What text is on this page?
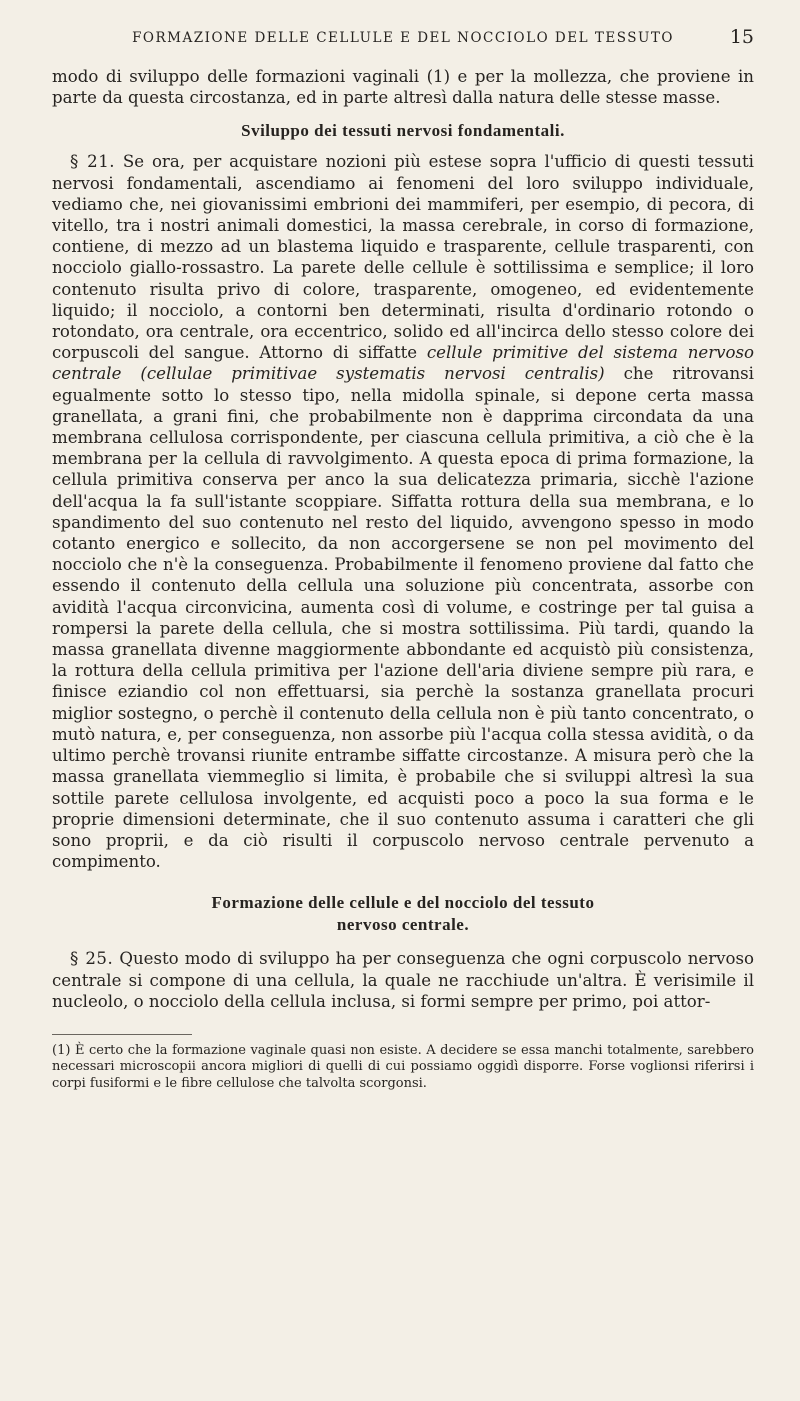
FORMAZIONE DELLE CELLULE E DEL NOCCIOLO DEL TESSUTO	15

modo di sviluppo delle formazioni vaginali (1) e per la mollezza, che proviene in parte da questa circostanza, ed in parte altresì dalla natura delle stesse masse.

Sviluppo dei tessuti nervosi fondamentali.

§ 21. Se ora, per acquistare nozioni più estese sopra l'ufficio di questi tessuti nervosi fondamentali, ascendiamo ai fenomeni del loro sviluppo individuale, vediamo che, nei giovanissimi embrioni dei mammiferi, per esempio, di pecora, di vitello, tra i nostri animali domestici, la massa cerebrale, in corso di formazione, contiene, di mezzo ad un blastema liquido e trasparente, cellule trasparenti, con nocciolo giallo-rossastro. La parete delle cellule è sottilissima e semplice; il loro contenuto risulta privo di colore, trasparente, omogeneo, ed evidentemente liquido; il nocciolo, a contorni ben determinati, risulta d'ordinario rotondo o rotondato, ora centrale, ora eccentrico, solido ed all'incirca dello stesso colore dei corpuscoli del sangue. Attorno di siffatte cellule primitive del sistema nervoso centrale (cellulae primitivae systematis nervosi centralis) che ritrovansi egualmente sotto lo stesso tipo, nella midolla spinale, si depone certa massa granellata, a grani fini, che probabilmente non è dapprima circondata da una membrana cellulosa corrispondente, per ciascuna cellula primitiva, a ciò che è la membrana per la cellula di ravvolgimento. A questa epoca di prima formazione, la cellula primitiva conserva per anco la sua delicatezza primaria, sicchè l'azione dell'acqua la fa sull'istante scoppiare. Siffatta rottura della sua membrana, e lo spandimento del suo contenuto nel resto del liquido, avvengono spesso in modo cotanto energico e sollecito, da non accorgersene se non pel movimento del nocciolo che n'è la conseguenza. Probabilmente il fenomeno proviene dal fatto che essendo il contenuto della cellula una soluzione più concentrata, assorbe con avidità l'acqua circonvicina, aumenta così di volume, e costringe per tal guisa a rompersi la parete della cellula, che si mostra sottilissima. Più tardi, quando la massa granellata divenne maggiormente abbondante ed acquistò più consistenza, la rottura della cellula primitiva per l'azione dell'aria diviene sempre più rara, e finisce eziandio col non effettuarsi, sia perchè la sostanza granellata procuri miglior sostegno, o perchè il contenuto della cellula non è più tanto concentrato, o mutò natura, e, per conseguenza, non assorbe più l'acqua colla stessa avidità, o da ultimo perchè trovansi riunite entrambe siffatte circostanze. A misura però che la massa granellata viemmeglio si limita, è probabile che si sviluppi altresì la sua sottile parete cellulosa involgente, ed acquisti poco a poco la sua forma e le proprie dimensioni determinate, che il suo contenuto assuma i caratteri che gli sono proprii, e da ciò risulti il corpuscolo nervoso centrale pervenuto a compimento.

Formazione delle cellule e del nocciolo del tessuto
nervoso centrale.

§ 25. Questo modo di sviluppo ha per conseguenza che ogni corpuscolo nervoso centrale si compone di una cellula, la quale ne racchiude un'altra. È verisimile il nucleolo, o nocciolo della cellula inclusa, si formi sempre per primo, poi attor-

(1) È certo che la formazione vaginale quasi non esiste. A decidere se essa manchi totalmente, sarebbero necessari microscopii ancora migliori di quelli di cui possiamo oggidì disporre. Forse voglionsi riferirsi i corpi fusiformi e le fibre cellulose che talvolta scorgonsi.
